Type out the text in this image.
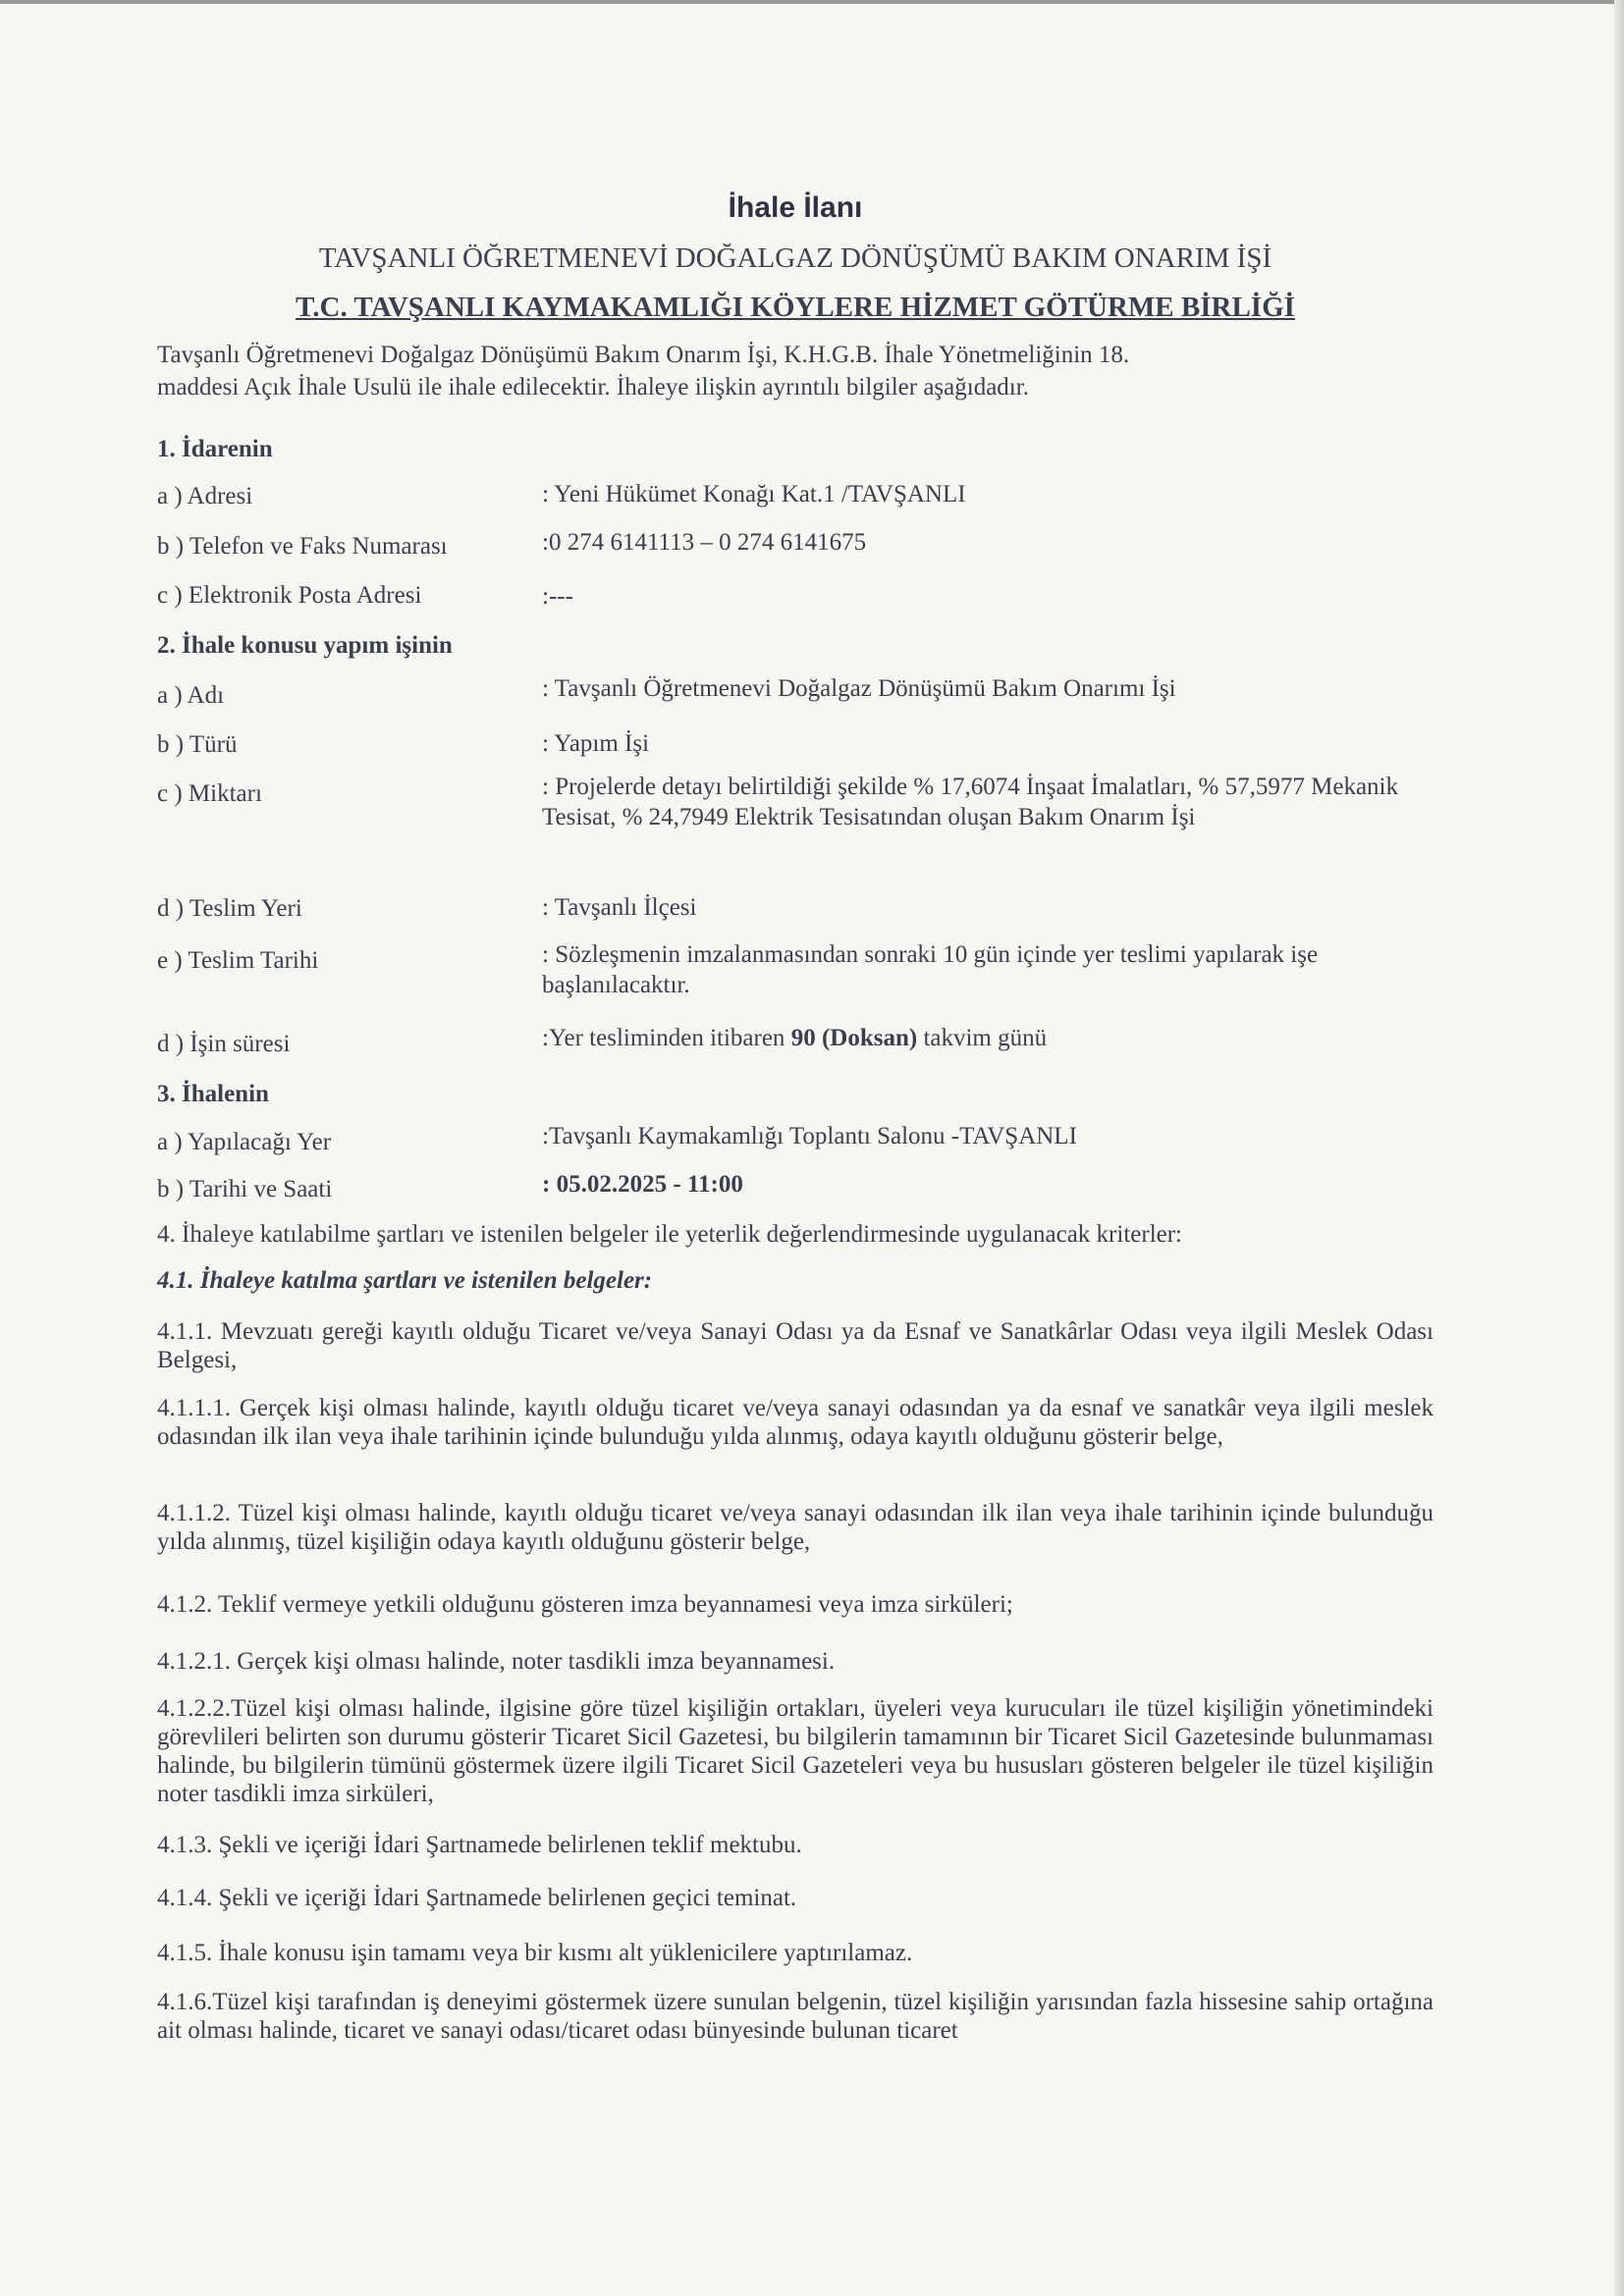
İhale İlanı
TAVŞANLI ÖĞRETMENEVİ DOĞALGAZ DÖNÜŞÜMÜ BAKIM ONARIM İŞİ
T.C. TAVŞANLI KAYMAKAMLIĞI KÖYLERE HİZMET GÖTÜRME BİRLİĞİ
Tavşanlı Öğretmenevi Doğalgaz Dönüşümü Bakım Onarım İşi, K.H.G.B. İhale Yönetmeliğinin 18.
maddesi Açık İhale Usulü ile ihale edilecektir. İhaleye ilişkin ayrıntılı bilgiler aşağıdadır.
1. İdarenin
a ) Adresi	: Yeni Hükümet Konağı Kat.1 /TAVŞANLI
b ) Telefon ve Faks Numarası	:0 274 6141113 – 0 274 6141675
c ) Elektronik Posta Adresi	:---
2. İhale konusu yapım işinin
a ) Adı	: Tavşanlı Öğretmenevi Doğalgaz Dönüşümü Bakım Onarımı İşi
b ) Türü	: Yapım İşi
c ) Miktarı	: Projelerde detayı belirtildiği şekilde % 17,6074 İnşaat İmalatları, % 57,5977 Mekanik Tesisat, % 24,7949 Elektrik Tesisatından oluşan Bakım Onarım İşi
d ) Teslim Yeri	: Tavşanlı İlçesi
e ) Teslim Tarihi	: Sözleşmenin imzalanmasından sonraki 10 gün içinde yer teslimi yapılarak işe başlanılacaktır.
d ) İşin süresi	:Yer tesliminden itibaren 90 (Doksan) takvim günü
3. İhalenin
a ) Yapılacağı Yer	:Tavşanlı Kaymakamlığı Toplantı Salonu -TAVŞANLI
b ) Tarihi ve Saati	: 05.02.2025 - 11:00
4. İhaleye katılabilme şartları ve istenilen belgeler ile yeterlik değerlendirmesinde uygulanacak kriterler:
4.1. İhaleye katılma şartları ve istenilen belgeler:
4.1.1. Mevzuatı gereği kayıtlı olduğu Ticaret ve/veya Sanayi Odası ya da Esnaf ve Sanatkârlar Odası veya ilgili Meslek Odası Belgesi,
4.1.1.1. Gerçek kişi olması halinde, kayıtlı olduğu ticaret ve/veya sanayi odasından ya da esnaf ve sanatkâr veya ilgili meslek odasından ilk ilan veya ihale tarihinin içinde bulunduğu yılda alınmış, odaya kayıtlı olduğunu gösterir belge,
4.1.1.2. Tüzel kişi olması halinde, kayıtlı olduğu ticaret ve/veya sanayi odasından ilk ilan veya ihale tarihinin içinde bulunduğu yılda alınmış, tüzel kişiliğin odaya kayıtlı olduğunu gösterir belge,
4.1.2. Teklif vermeye yetkili olduğunu gösteren imza beyannamesi veya imza sirküleri;
4.1.2.1. Gerçek kişi olması halinde, noter tasdikli imza beyannamesi.
4.1.2.2.Tüzel kişi olması halinde, ilgisine göre tüzel kişiliğin ortakları, üyeleri veya kurucuları ile tüzel kişiliğin yönetimindeki görevlileri belirten son durumu gösterir Ticaret Sicil Gazetesi, bu bilgilerin tamamının bir Ticaret Sicil Gazetesinde bulunmaması halinde, bu bilgilerin tümünü göstermek üzere ilgili Ticaret Sicil Gazeteleri veya bu hususları gösteren belgeler ile tüzel kişiliğin noter tasdikli imza sirküleri,
4.1.3. Şekli ve içeriği İdari Şartnamede belirlenen teklif mektubu.
4.1.4. Şekli ve içeriği İdari Şartnamede belirlenen geçici teminat.
4.1.5. İhale konusu işin tamamı veya bir kısmı alt yüklenicilere yaptırılamaz.
4.1.6.Tüzel kişi tarafından iş deneyimi göstermek üzere sunulan belgenin, tüzel kişiliğin yarısından fazla hissesine sahip ortağına ait olması halinde, ticaret ve sanayi odası/ticaret odası bünyesinde bulunan ticaret
